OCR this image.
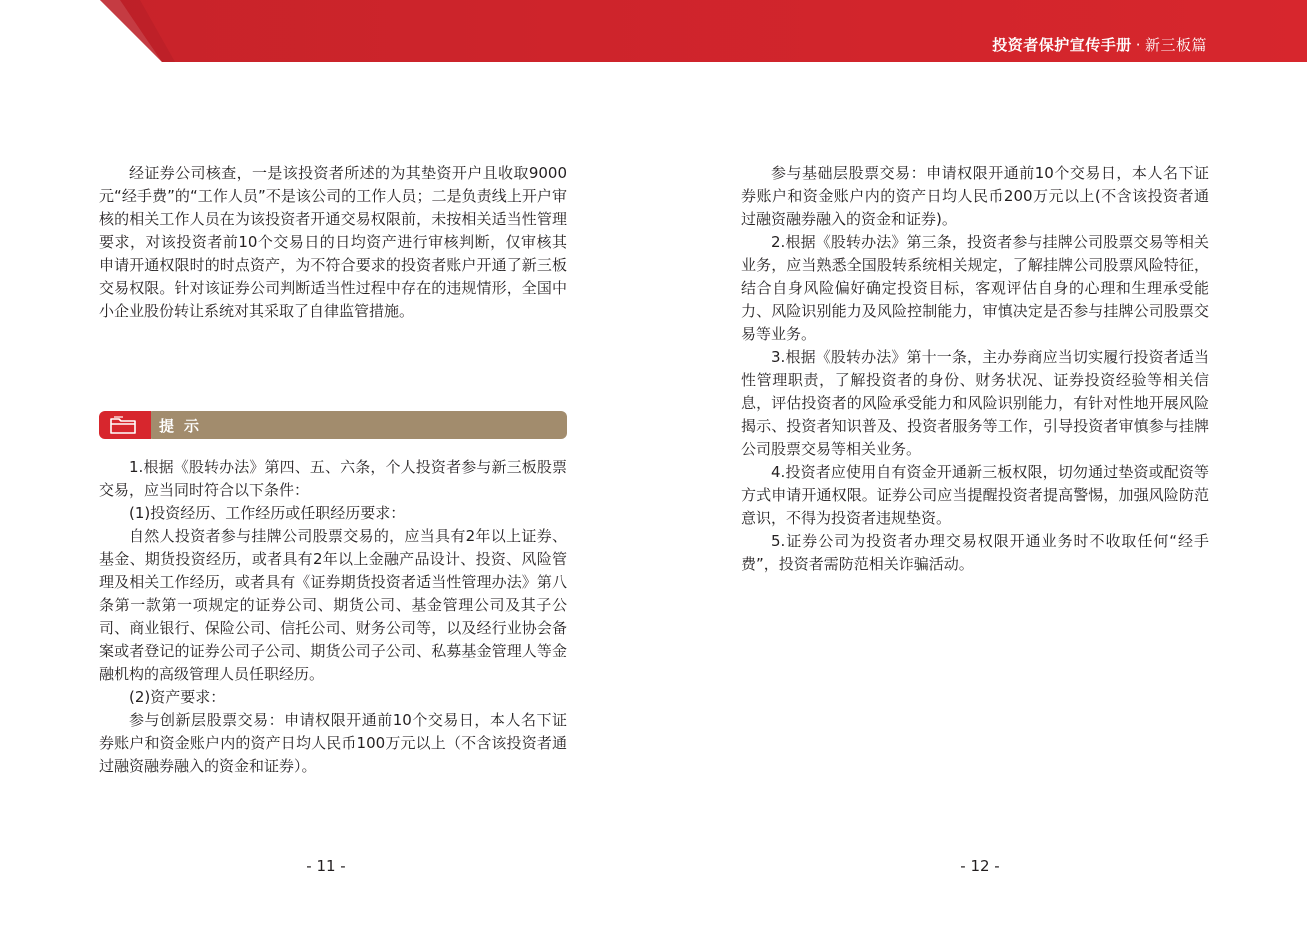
投资者保护宣传手册 · 新三板篇

经证券公司核查，一是该投资者所述的为其垫资开户且收取9000元“经手费”的“工作人员”不是该公司的工作人员；二是负责线上开户审核的相关工作人员在为该投资者开通交易权限前，未按相关适当性管理要求，对该投资者前10个交易日的日均资产进行审核判断，仅审核其申请开通权限时的时点资产，为不符合要求的投资者账户开通了新三板交易权限。针对该证券公司判断适当性过程中存在的违规情形，全国中小企业股份转让系统对其采取了自律监管措施。

提示

1.根据《股转办法》第四、五、六条，个人投资者参与新三板股票交易，应当同时符合以下条件：

(1)投资经历、工作经历或任职经历要求：

自然人投资者参与挂牌公司股票交易的，应当具有2年以上证券、基金、期货投资经历，或者具有2年以上金融产品设计、投资、风险管理及相关工作经历，或者具有《证券期货投资者适当性管理办法》第八条第一款第一项规定的证券公司、期货公司、基金管理公司及其子公司、商业银行、保险公司、信托公司、财务公司等，以及经行业协会备案或者登记的证券公司子公司、期货公司子公司、私募基金管理人等金融机构的高级管理人员任职经历。

(2)资产要求：

参与创新层股票交易：申请权限开通前10个交易日，本人名下证券账户和资金账户内的资产日均人民币100万元以上（不含该投资者通过融资融券融入的资金和证券）。

参与基础层股票交易：申请权限开通前10个交易日，本人名下证券账户和资金账户内的资产日均人民币200万元以上(不含该投资者通过融资融券融入的资金和证券)。

2.根据《股转办法》第三条，投资者参与挂牌公司股票交易等相关业务，应当熟悉全国股转系统相关规定，了解挂牌公司股票风险特征，结合自身风险偏好确定投资目标，客观评估自身的心理和生理承受能力、风险识别能力及风险控制能力，审慎决定是否参与挂牌公司股票交易等业务。

3.根据《股转办法》第十一条，主办券商应当切实履行投资者适当性管理职责，了解投资者的身份、财务状况、证券投资经验等相关信息，评估投资者的风险承受能力和风险识别能力，有针对性地开展风险揭示、投资者知识普及、投资者服务等工作，引导投资者审慎参与挂牌公司股票交易等相关业务。

4.投资者应使用自有资金开通新三板权限，切勿通过垫资或配资等方式申请开通权限。证券公司应当提醒投资者提高警惕，加强风险防范意识，不得为投资者违规垫资。

5.证券公司为投资者办理交易权限开通业务时不收取任何“经手费”，投资者需防范相关诈骗活动。

- 11 -	- 12 -
